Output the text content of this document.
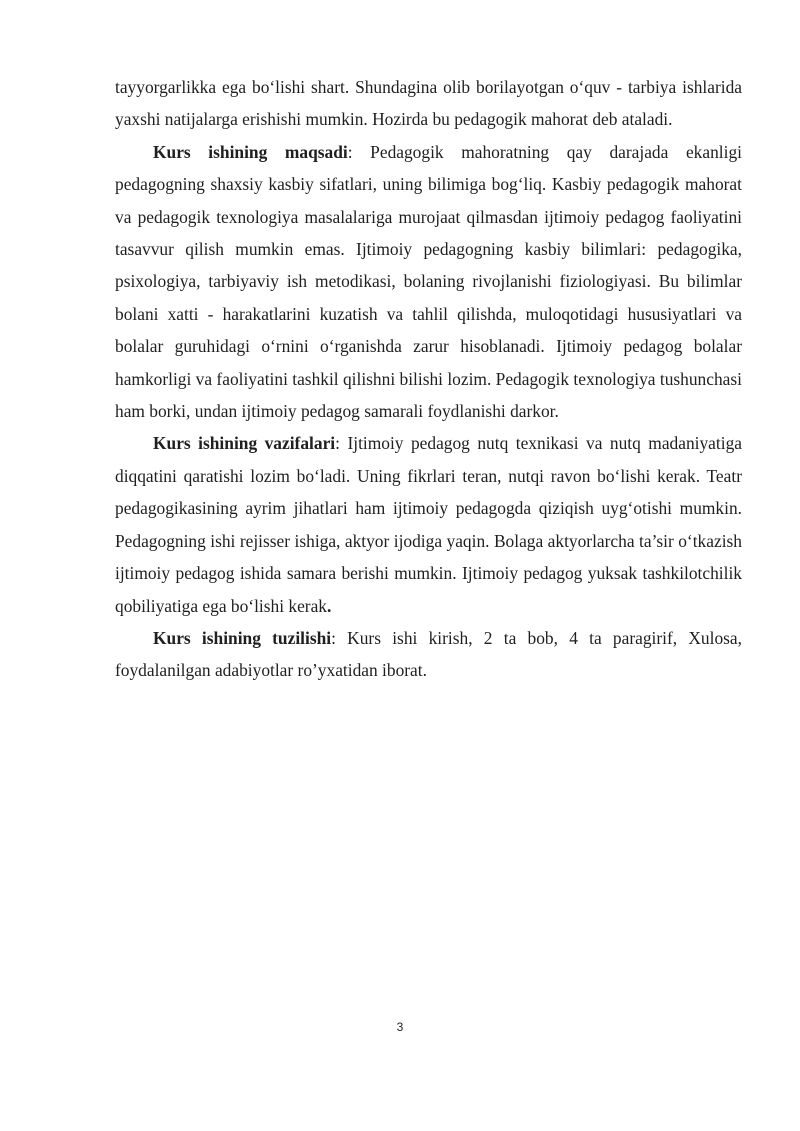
tayyorgarlikka ega bo‘lishi shart. Shundagina olib borilayotgan o‘quv - tarbiya ishlarida yaxshi natijalarga erishishi mumkin. Hozirda bu pedagogik mahorat deb ataladi.

Kurs ishining maqsadi: Pedagogik mahoratning qay darajada ekanligi pedagogning shaxsiy kasbiy sifatlari, uning bilimiga bog‘liq. Kasbiy pedagogik mahorat va pedagogik texnologiya masalalariga murojaat qilmasdan ijtimoiy pedagog faoliyatini tasavvur qilish mumkin emas. Ijtimoiy pedagogning kasbiy bilimlari: pedagogika, psixologiya, tarbiyaviy ish metodikasi, bolaning rivojlanishi fiziologiyasi. Bu bilimlar bolani xatti - harakatlarini kuzatish va tahlil qilishda, muloqotidagi hususiyatlari va bolalar guruhidagi o‘rnini o‘rganishda zarur hisoblanadi. Ijtimoiy pedagog bolalar hamkorligi va faoliyatini tashkil qilishni bilishi lozim. Pedagogik texnologiya tushunchasi ham borki, undan ijtimoiy pedagog samarali foydlanishi darkor.

Kurs ishining vazifalari: Ijtimoiy pedagog nutq texnikasi va nutq madaniyatiga diqqatini qaratishi lozim bo‘ladi. Uning fikrlari teran, nutqi ravon bo‘lishi kerak. Teatr pedagogikasining ayrim jihatlari ham ijtimoiy pedagogda qiziqish uyg‘otishi mumkin. Pedagogning ishi rejisser ishiga, aktyor ijodiga yaqin. Bolaga aktyorlarcha ta’sir o‘tkazish ijtimoiy pedagog ishida samara berishi mumkin. Ijtimoiy pedagog yuksak tashkilotchilik qobiliyatiga ega bo‘lishi kerak.

Kurs ishining tuzilishi: Kurs ishi kirish, 2 ta bob, 4 ta paragirif, Xulosa, foydalanilgan adabiyotlar ro’yxatidan iborat.

3
